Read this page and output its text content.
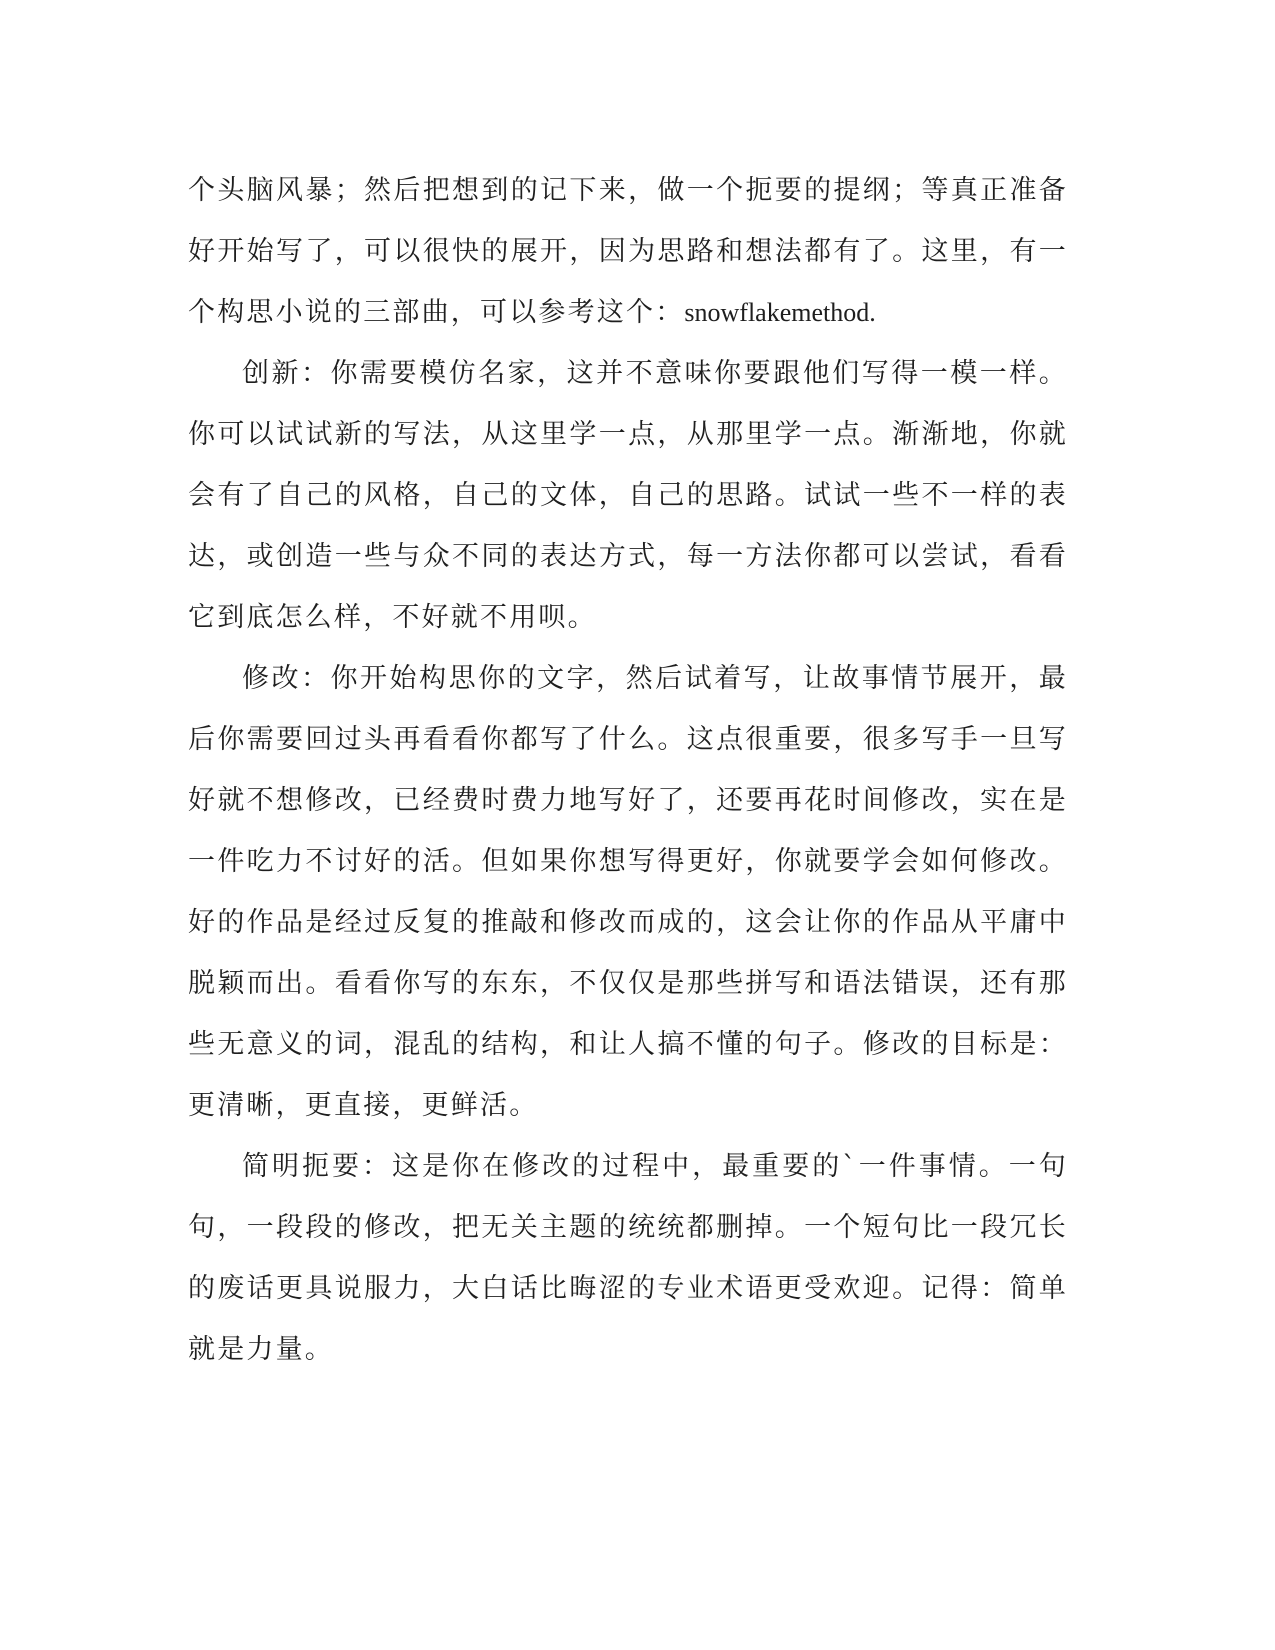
个头脑风暴；然后把想到的记下来，做一个扼要的提纲；等真正准备好开始写了，可以很快的展开，因为思路和想法都有了。这里，有一个构思小说的三部曲，可以参考这个：snowflakemethod.

创新：你需要模仿名家，这并不意味你要跟他们写得一模一样。你可以试试新的写法，从这里学一点，从那里学一点。渐渐地，你就会有了自己的风格，自己的文体，自己的思路。试试一些不一样的表达，或创造一些与众不同的表达方式，每一方法你都可以尝试，看看它到底怎么样，不好就不用呗。

修改：你开始构思你的文字，然后试着写，让故事情节展开，最后你需要回过头再看看你都写了什么。这点很重要，很多写手一旦写好就不想修改，已经费时费力地写好了，还要再花时间修改，实在是一件吃力不讨好的活。但如果你想写得更好，你就要学会如何修改。好的作品是经过反复的推敲和修改而成的，这会让你的作品从平庸中脱颖而出。看看你写的东东，不仅仅是那些拼写和语法错误，还有那些无意义的词，混乱的结构，和让人搞不懂的句子。修改的目标是：更清晰，更直接，更鲜活。

简明扼要：这是你在修改的过程中，最重要的`一件事情。一句句，一段段的修改，把无关主题的统统都删掉。一个短句比一段冗长的废话更具说服力，大白话比晦涩的专业术语更受欢迎。记得：简单就是力量。
